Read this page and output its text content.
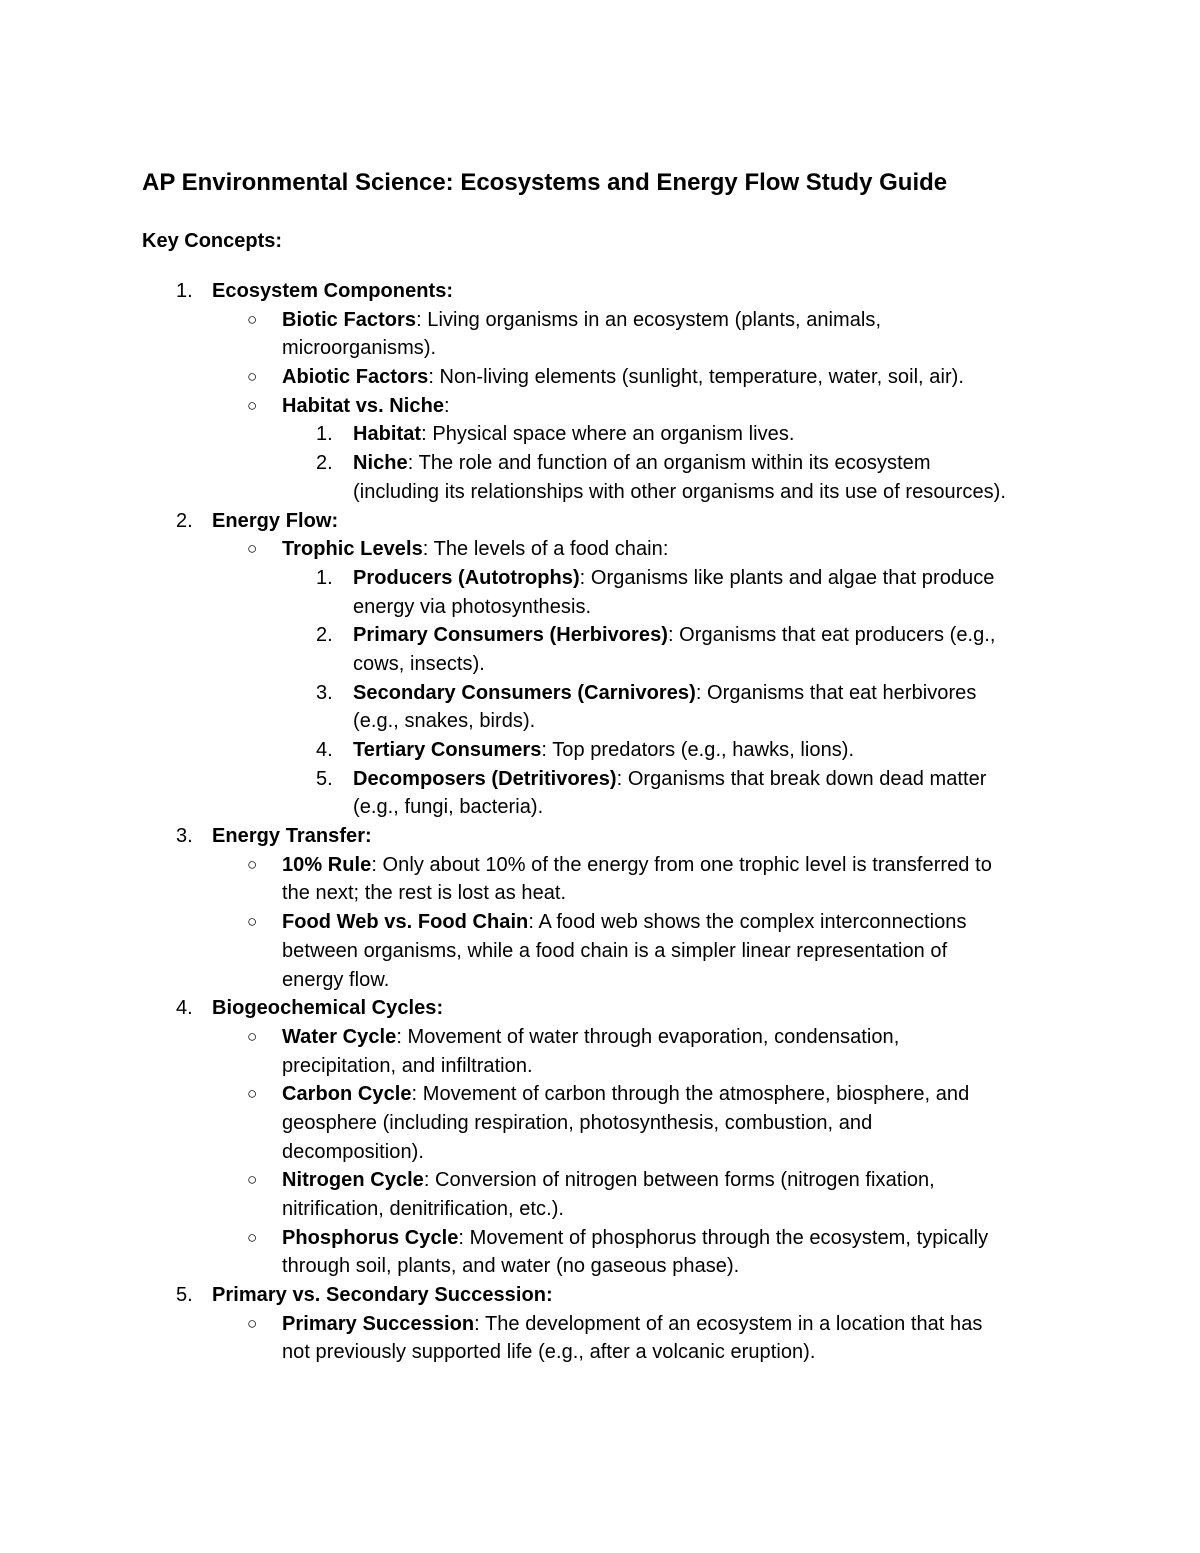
AP Environmental Science: Ecosystems and Energy Flow Study Guide
Key Concepts:
1. Ecosystem Components:
○ Biotic Factors: Living organisms in an ecosystem (plants, animals,
microorganisms).
○ Abiotic Factors: Non-living elements (sunlight, temperature, water, soil, air).
○ Habitat vs. Niche:
1. Habitat: Physical space where an organism lives.
2. Niche: The role and function of an organism within its ecosystem
(including its relationships with other organisms and its use of resources).
2. Energy Flow:
○ Trophic Levels: The levels of a food chain:
1. Producers (Autotrophs): Organisms like plants and algae that produce
energy via photosynthesis.
2. Primary Consumers (Herbivores): Organisms that eat producers (e.g.,
cows, insects).
3. Secondary Consumers (Carnivores): Organisms that eat herbivores
(e.g., snakes, birds).
4. Tertiary Consumers: Top predators (e.g., hawks, lions).
5. Decomposers (Detritivores): Organisms that break down dead matter
(e.g., fungi, bacteria).
3. Energy Transfer:
○ 10% Rule: Only about 10% of the energy from one trophic level is transferred to
the next; the rest is lost as heat.
○ Food Web vs. Food Chain: A food web shows the complex interconnections
between organisms, while a food chain is a simpler linear representation of
energy flow.
4. Biogeochemical Cycles:
○ Water Cycle: Movement of water through evaporation, condensation,
precipitation, and infiltration.
○ Carbon Cycle: Movement of carbon through the atmosphere, biosphere, and
geosphere (including respiration, photosynthesis, combustion, and
decomposition).
○ Nitrogen Cycle: Conversion of nitrogen between forms (nitrogen fixation,
nitrification, denitrification, etc.).
○ Phosphorus Cycle: Movement of phosphorus through the ecosystem, typically
through soil, plants, and water (no gaseous phase).
5. Primary vs. Secondary Succession:
○ Primary Succession: The development of an ecosystem in a location that has
not previously supported life (e.g., after a volcanic eruption).
